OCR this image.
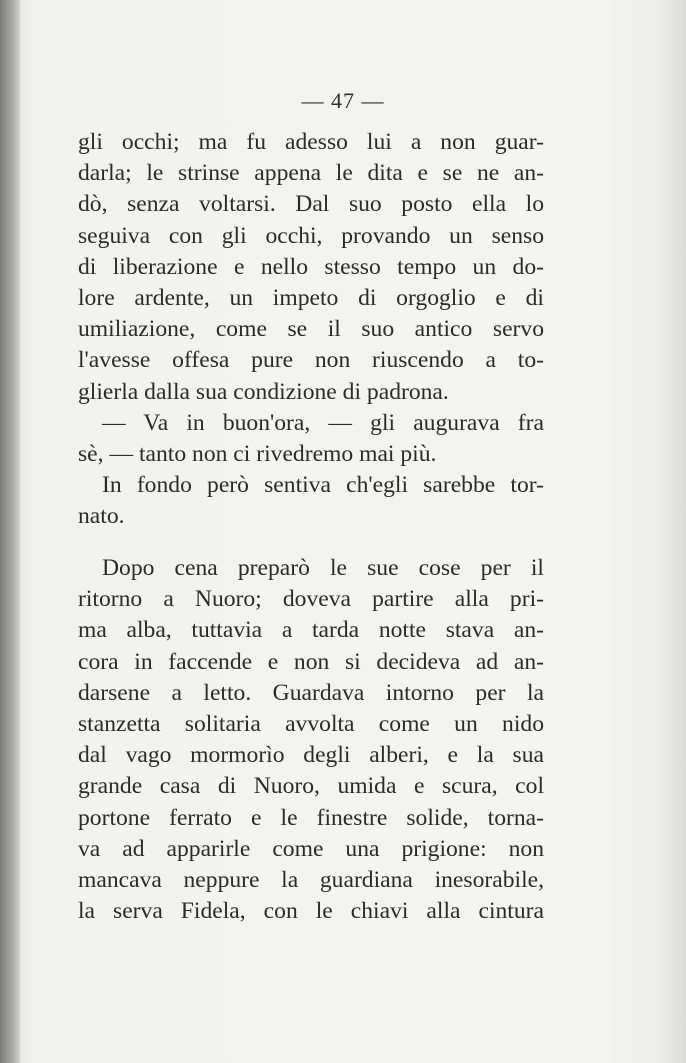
— 47 —
gli occhi; ma fu adesso lui a non guar-
darla; le strinse appena le dita e se ne an-
dò, senza voltarsi. Dal suo posto ella lo
seguiva con gli occhi, provando un senso
di liberazione e nello stesso tempo un do-
lore ardente, un impeto di orgoglio e di
umiliazione, come se il suo antico servo
l'avesse offesa pure non riuscendo a to-
glierla dalla sua condizione di padrona.
— Va in buon'ora, — gli augurava fra
sè, — tanto non ci rivedremo mai più.
In fondo però sentiva ch'egli sarebbe tor-
nato.
Dopo cena preparò le sue cose per il
ritorno a Nuoro; doveva partire alla pri-
ma alba, tuttavia a tarda notte stava an-
cora in faccende e non si decideva ad an-
darsene a letto. Guardava intorno per la
stanzetta solitaria avvolta come un nido
dal vago mormorìo degli alberi, e la sua
grande casa di Nuoro, umida e scura, col
portone ferrato e le finestre solide, torna-
va ad apparirle come una prigione: non
mancava neppure la guardiana inesorabile,
la serva Fidela, con le chiavi alla cintura
